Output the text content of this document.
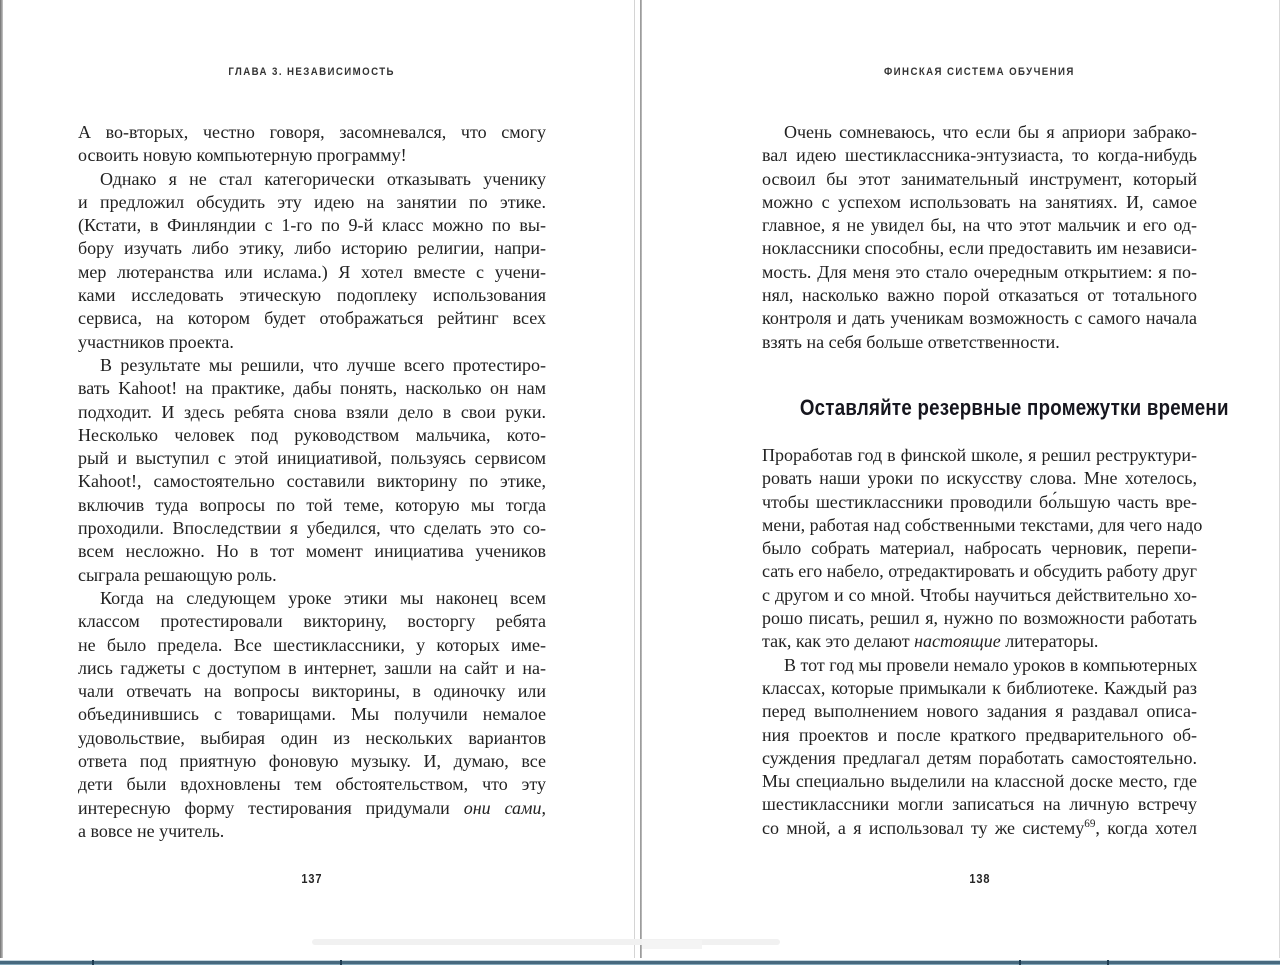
ГЛАВА 3. НЕЗАВИСИМОСТЬ
А во-вторых, честно говоря, засомневался, что смогу
освоить новую компьютерную программу!
Однако я не стал категорически отказывать ученику
и предложил обсудить эту идею на занятии по этике.
(Кстати, в Финляндии с 1-го по 9-й класс можно по вы-
бору изучать либо этику, либо историю религии, напри-
мер лютеранства или ислама.) Я хотел вместе с учени-
ками исследовать этическую подоплеку использования
сервиса, на котором будет отображаться рейтинг всех
участников проекта.
В результате мы решили, что лучше всего протестиро-
вать Kahoot! на практике, дабы понять, насколько он нам
подходит. И здесь ребята снова взяли дело в свои руки.
Несколько человек под руководством мальчика, кото-
рый и выступил с этой инициативой, пользуясь сервисом
Kahoot!, самостоятельно составили викторину по этике,
включив туда вопросы по той теме, которую мы тогда
проходили. Впоследствии я убедился, что сделать это со-
всем несложно. Но в тот момент инициатива учеников
сыграла решающую роль.
Когда на следующем уроке этики мы наконец всем
классом протестировали викторину, восторгу ребята
не было предела. Все шестиклассники, у которых име-
лись гаджеты с доступом в интернет, зашли на сайт и на-
чали отвечать на вопросы викторины, в одиночку или
объединившись с товарищами. Мы получили немалое
удовольствие, выбирая один из нескольких вариантов
ответа под приятную фоновую музыку. И, думаю, все
дети были вдохновлены тем обстоятельством, что эту
интересную форму тестирования придумали они сами,
а вовсе не учитель.
137
ФИНСКАЯ СИСТЕМА ОБУЧЕНИЯ
Очень сомневаюсь, что если бы я априори забрако-
вал идею шестиклассника-энтузиаста, то когда-нибудь
освоил бы этот занимательный инструмент, который
можно с успехом использовать на занятиях. И, самое
главное, я не увидел бы, на что этот мальчик и его од-
ноклассники способны, если предоставить им независи-
мость. Для меня это стало очередным открытием: я по-
нял, насколько важно порой отказаться от тотального
контроля и дать ученикам возможность с самого начала
взять на себя больше ответственности.
Оставляйте резервные промежутки времени
Проработав год в финской школе, я решил реструктури-
ровать наши уроки по искусству слова. Мне хотелось,
чтобы шестиклассники проводили бо́льшую часть вре-
мени, работая над собственными текстами, для чего надо
было собрать материал, набросать черновик, перепи-
сать его набело, отредактировать и обсудить работу друг
с другом и со мной. Чтобы научиться действительно хо-
рошо писать, решил я, нужно по возможности работать
так, как это делают настоящие литераторы.
В тот год мы провели немало уроков в компьютерных
классах, которые примыкали к библиотеке. Каждый раз
перед выполнением нового задания я раздавал описа-
ния проектов и после краткого предварительного об-
суждения предлагал детям поработать самостоятельно.
Мы специально выделили на классной доске место, где
шестиклассники могли записаться на личную встречу
со мной, а я использовал ту же систему$^{69}$, когда хотел
138
